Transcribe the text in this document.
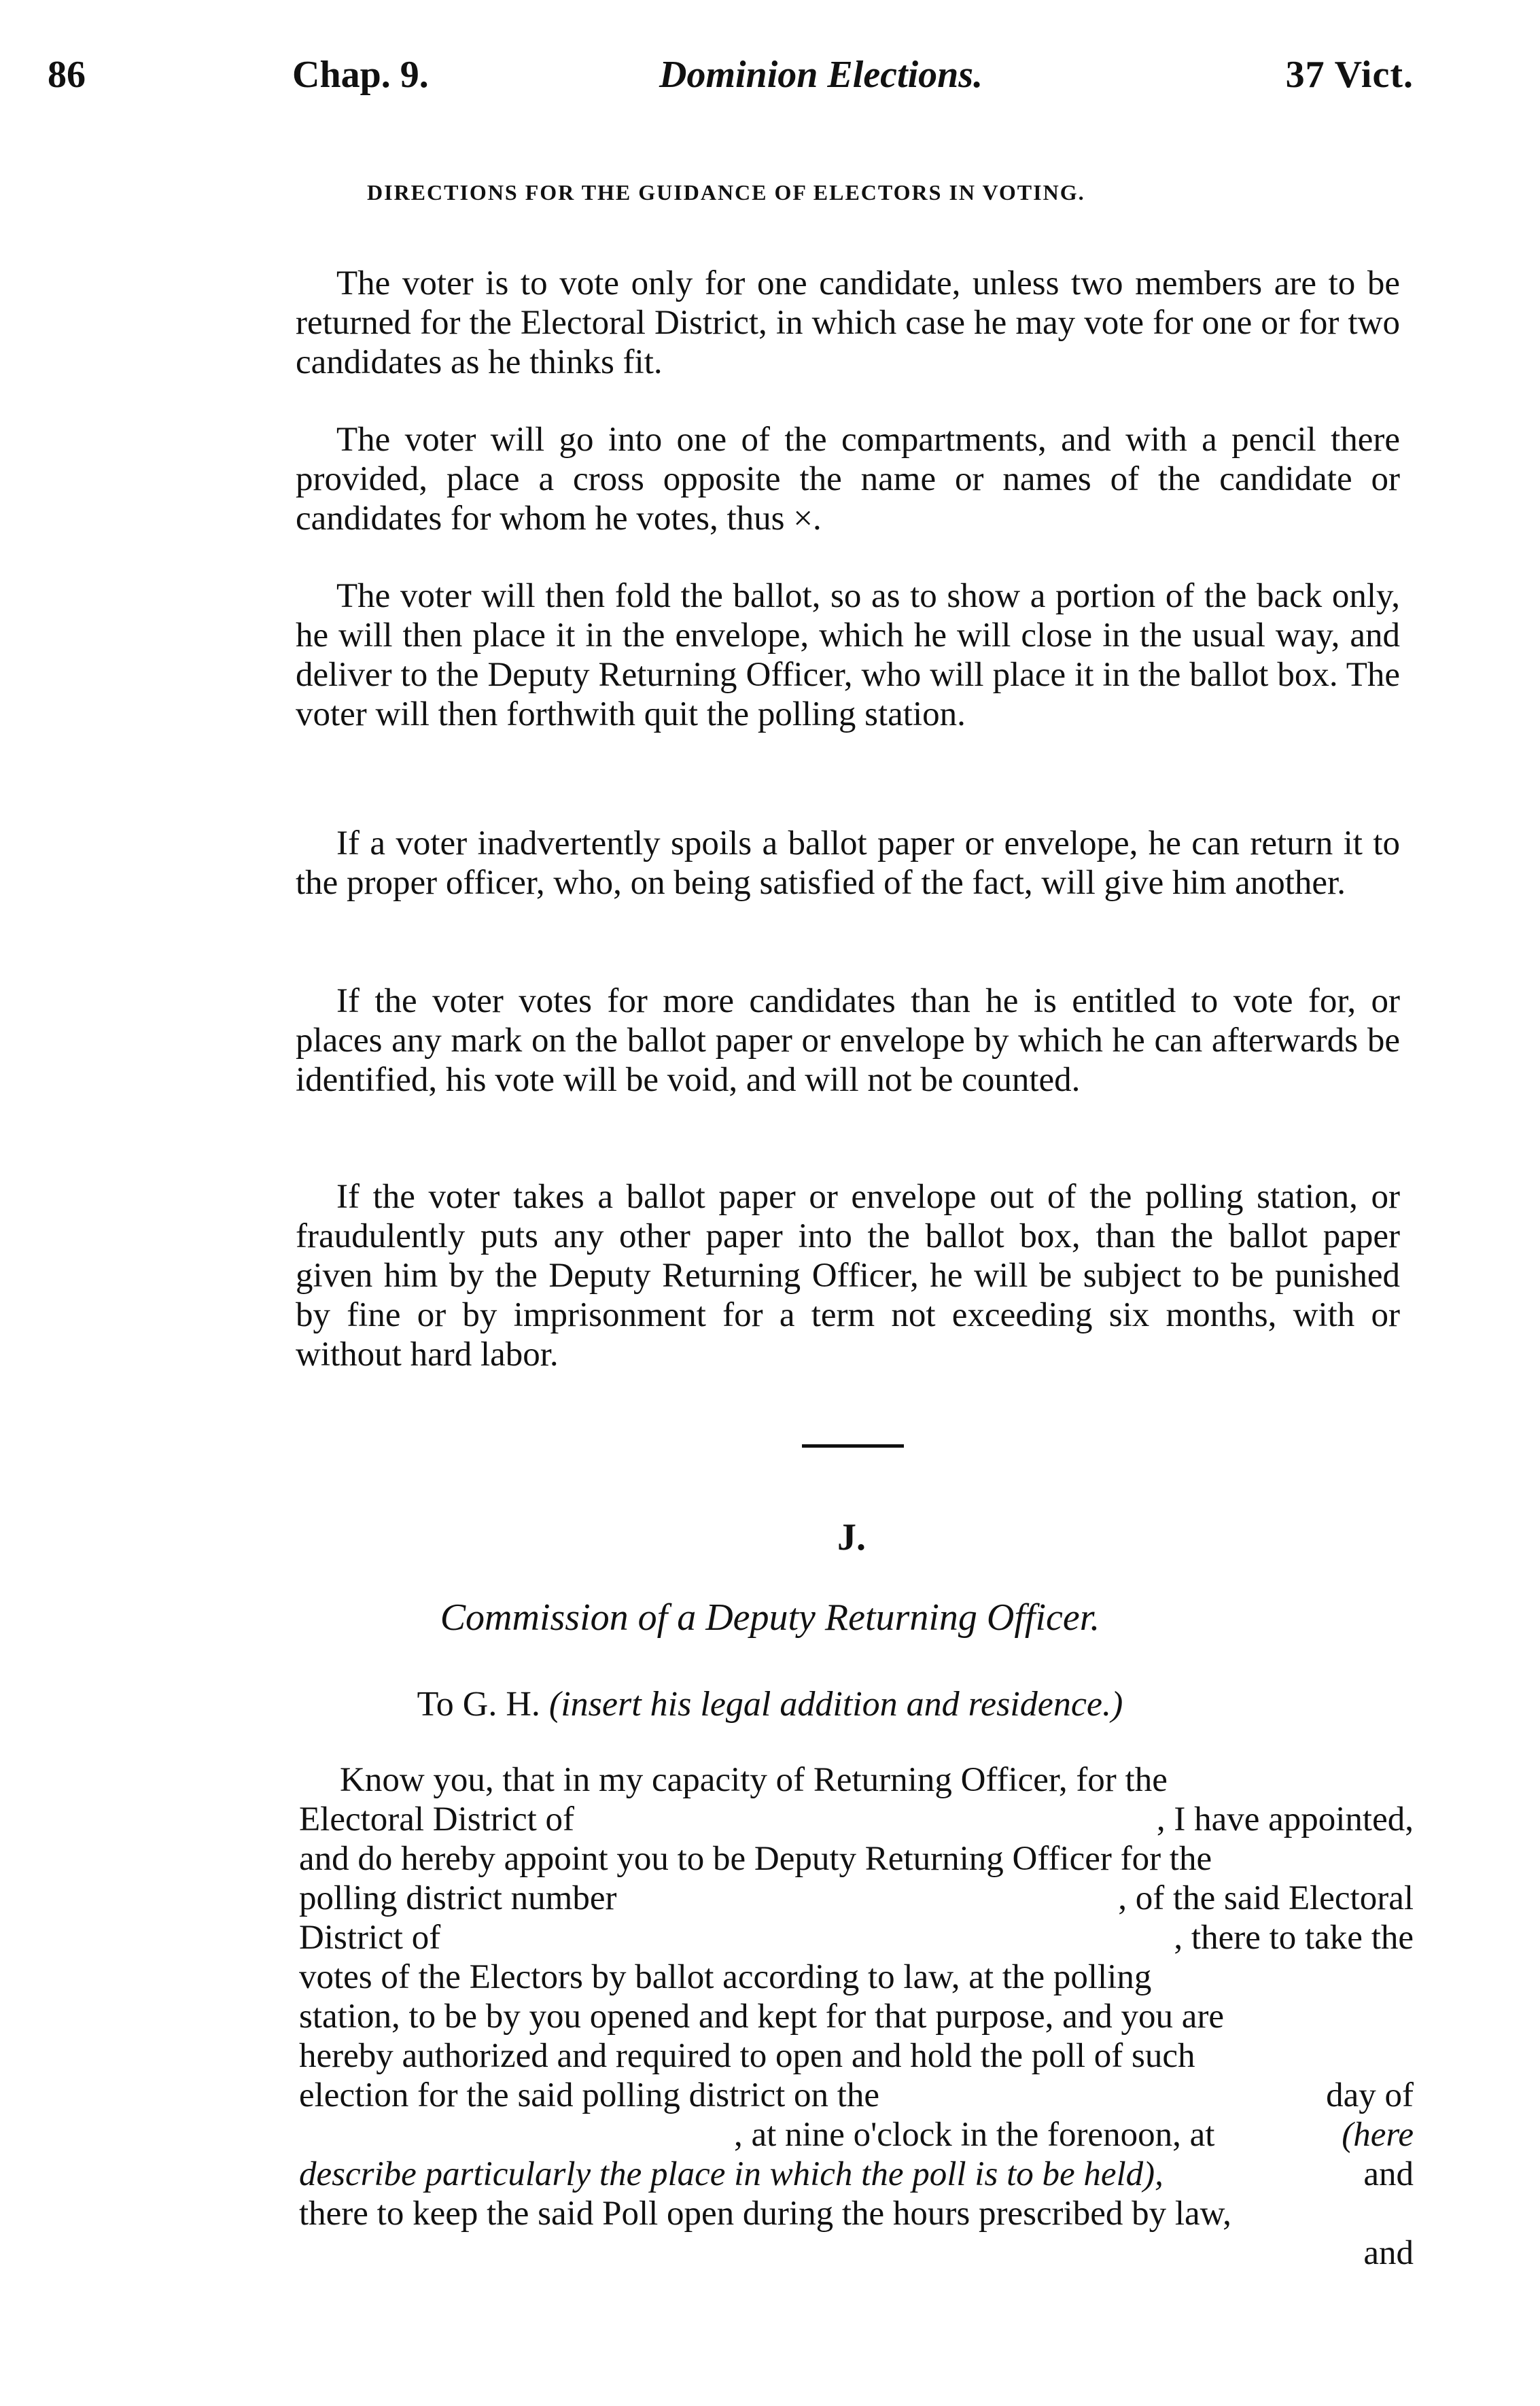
86	Chap. 9.	Dominion Elections.	37 Vict.
DIRECTIONS FOR THE GUIDANCE OF ELECTORS IN VOTING.

The voter is to vote only for one candidate, unless two members are to be returned for the Electoral District, in which case he may vote for one or for two candidates as he thinks fit.

The voter will go into one of the compartments, and with a pencil there provided, place a cross opposite the name or names of the candidate or candidates for whom he votes, thus ×.

The voter will then fold the ballot, so as to show a portion of the back only, he will then place it in the envelope, which he will close in the usual way, and deliver to the Deputy Returning Officer, who will place it in the ballot box. The voter will then forthwith quit the polling station.

If a voter inadvertently spoils a ballot paper or envelope, he can return it to the proper officer, who, on being satisfied of the fact, will give him another.

If the voter votes for more candidates than he is entitled to vote for, or places any mark on the ballot paper or envelope by which he can afterwards be identified, his vote will be void, and will not be counted.

If the voter takes a ballot paper or envelope out of the polling station, or fraudulently puts any other paper into the ballot box, than the ballot paper given him by the Deputy Returning Officer, he will be subject to be punished by fine or by imprisonment for a term not exceeding six months, with or without hard labor.

J.
Commission of a Deputy Returning Officer.
To G. H. (insert his legal addition and residence.)
Know you, that in my capacity of Returning Officer, for the
Electoral District of	, I have appointed,
and do hereby appoint you to be Deputy Returning Officer for the
polling district number	, of the said Electoral
District of	, there to take the
votes of the Electors by ballot according to law, at the polling
station, to be by you opened and kept for that purpose, and you are
hereby authorized and required to open and hold the poll of such
election for the said polling district on the	day of
, at nine o'clock in the forenoon, at	(here
describe particularly the place in which the poll is to be held),	and
there to keep the said Poll open during the hours prescribed by law,
and
